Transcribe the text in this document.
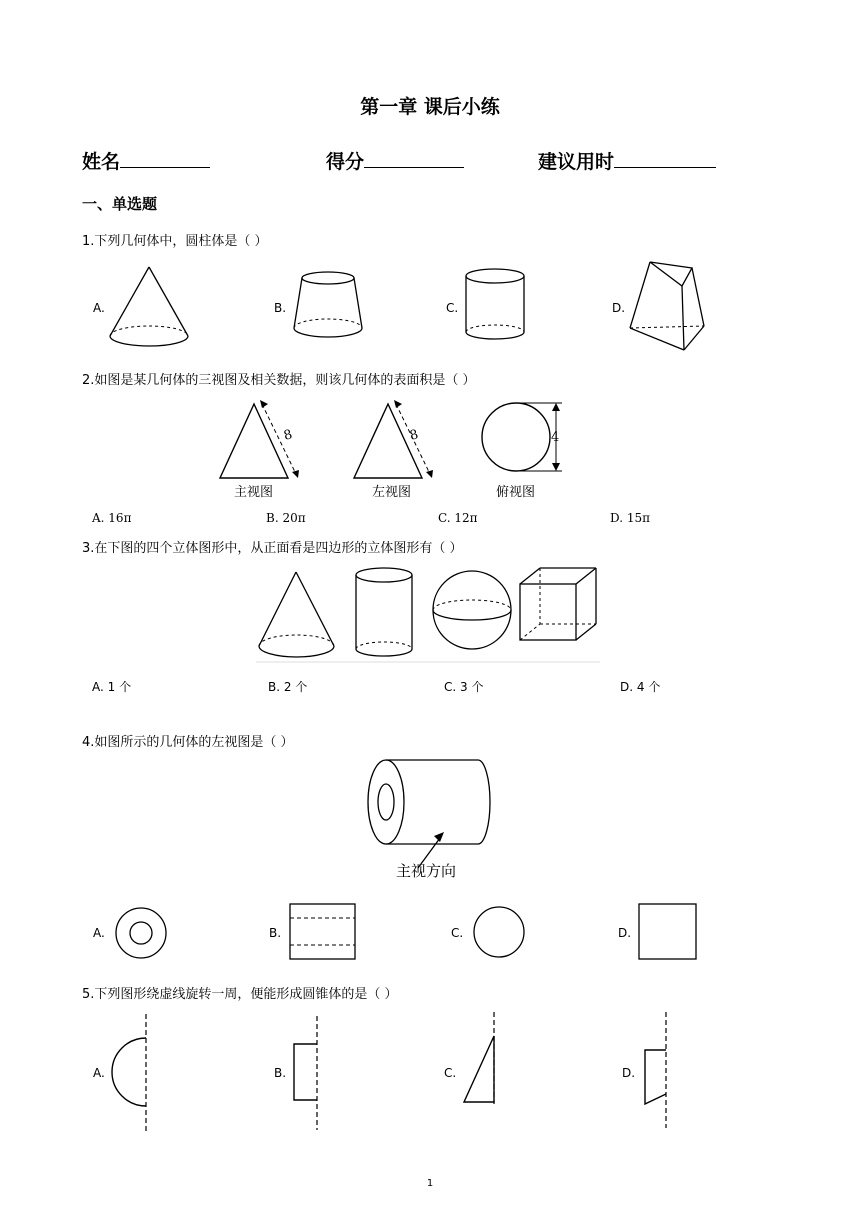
第一章 课后小练
姓名	得分	建议用时
一、单选题
1.下列几何体中，圆柱体是（ ）
A.	B.	C.	D.
2.如图是某几何体的三视图及相关数据，则该几何体的表面积是（ ）
8
主视图
8
左视图
4
俯视图
A. 16π	B. 20π	C. 12π	D. 15π
3.在下图的四个立体图形中，从正面看是四边形的立体图形有（ ）
A. 1 个	B. 2 个	C. 3 个	D. 4 个
4.如图所示的几何体的左视图是（ ）
主视方向
A.	B.	C.	D.
5.下列图形绕虚线旋转一周，便能形成圆锥体的是（ ）
A.	B.	C.	D.
1
